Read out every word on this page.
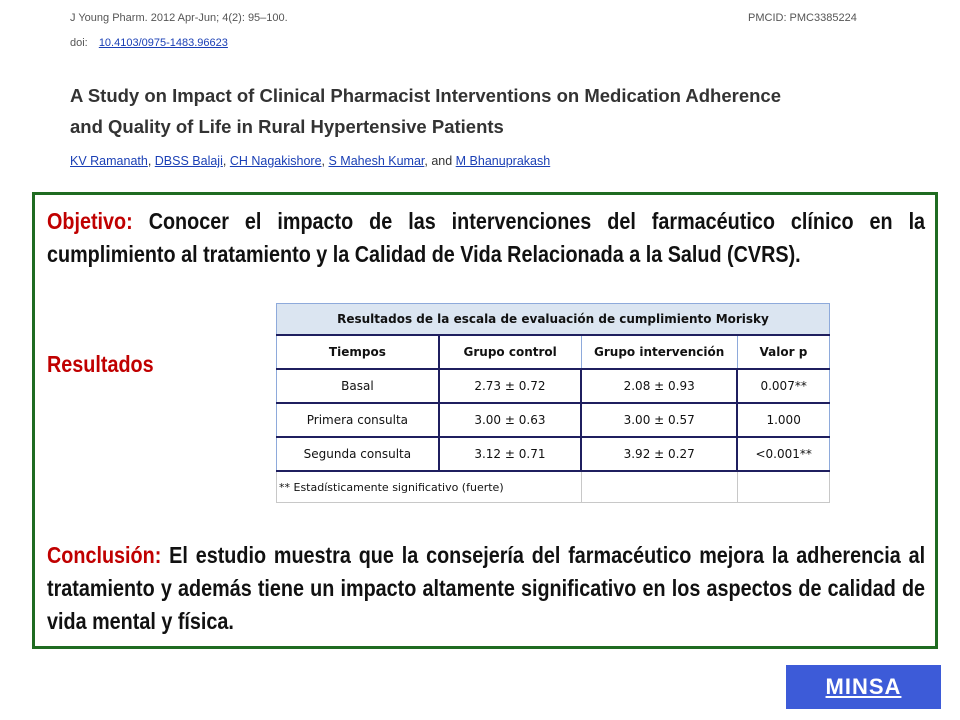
J Young Pharm. 2012 Apr-Jun; 4(2): 95–100.	PMCID: PMC3385224
doi: 10.4103/0975-1483.96623
A Study on Impact of Clinical Pharmacist Interventions on Medication Adherence and Quality of Life in Rural Hypertensive Patients
KV Ramanath, DBSS Balaji, CH Nagakishore, S Mahesh Kumar, and M Bhanuprakash
Objetivo: Conocer el impacto de las intervenciones del farmacéutico clínico en la cumplimiento al tratamiento y la Calidad de Vida Relacionada a la Salud (CVRS).
Resultados
Conclusión: El estudio muestra que la consejería del farmacéutico mejora la adherencia al tratamiento y además tiene un impacto altamente significativo en los aspectos de calidad de vida mental y física.
Resultados de la escala de evaluación de cumplimiento Morisky			
Tiempos	Grupo control	Grupo intervención	Valor p
Basal	2.73 ± 0.72	2.08 ± 0.93	0.007**
Primera consulta	3.00 ± 0.63	3.00 ± 0.57	1.000
Segunda consulta	3.12 ± 0.71	3.92 ± 0.27	<0.001**
** Estadísticamente significativo (fuerte)			
MINSA
